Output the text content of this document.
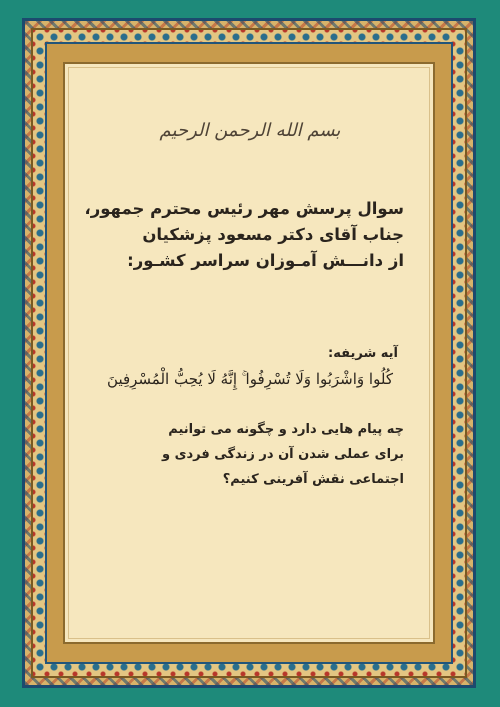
بسم الله الرحمن الرحیم
سوال پرسش مهر رئیس محترم جمهور،
جناب آقای دکتر مسعود پزشکیان
از دانـــش آمـوزان سراسر کشـور:
آیه شریفه:
كُلُوا وَاشْرَبُوا وَلَا تُسْرِفُوا ۚ إِنَّهُ لَا يُحِبُّ الْمُسْرِفِينَ
چه پیام هایی دارد و چگونه می توانیم
برای عملی شدن آن در زندگی فردی و
اجتماعی نقش آفرینی کنیم؟
